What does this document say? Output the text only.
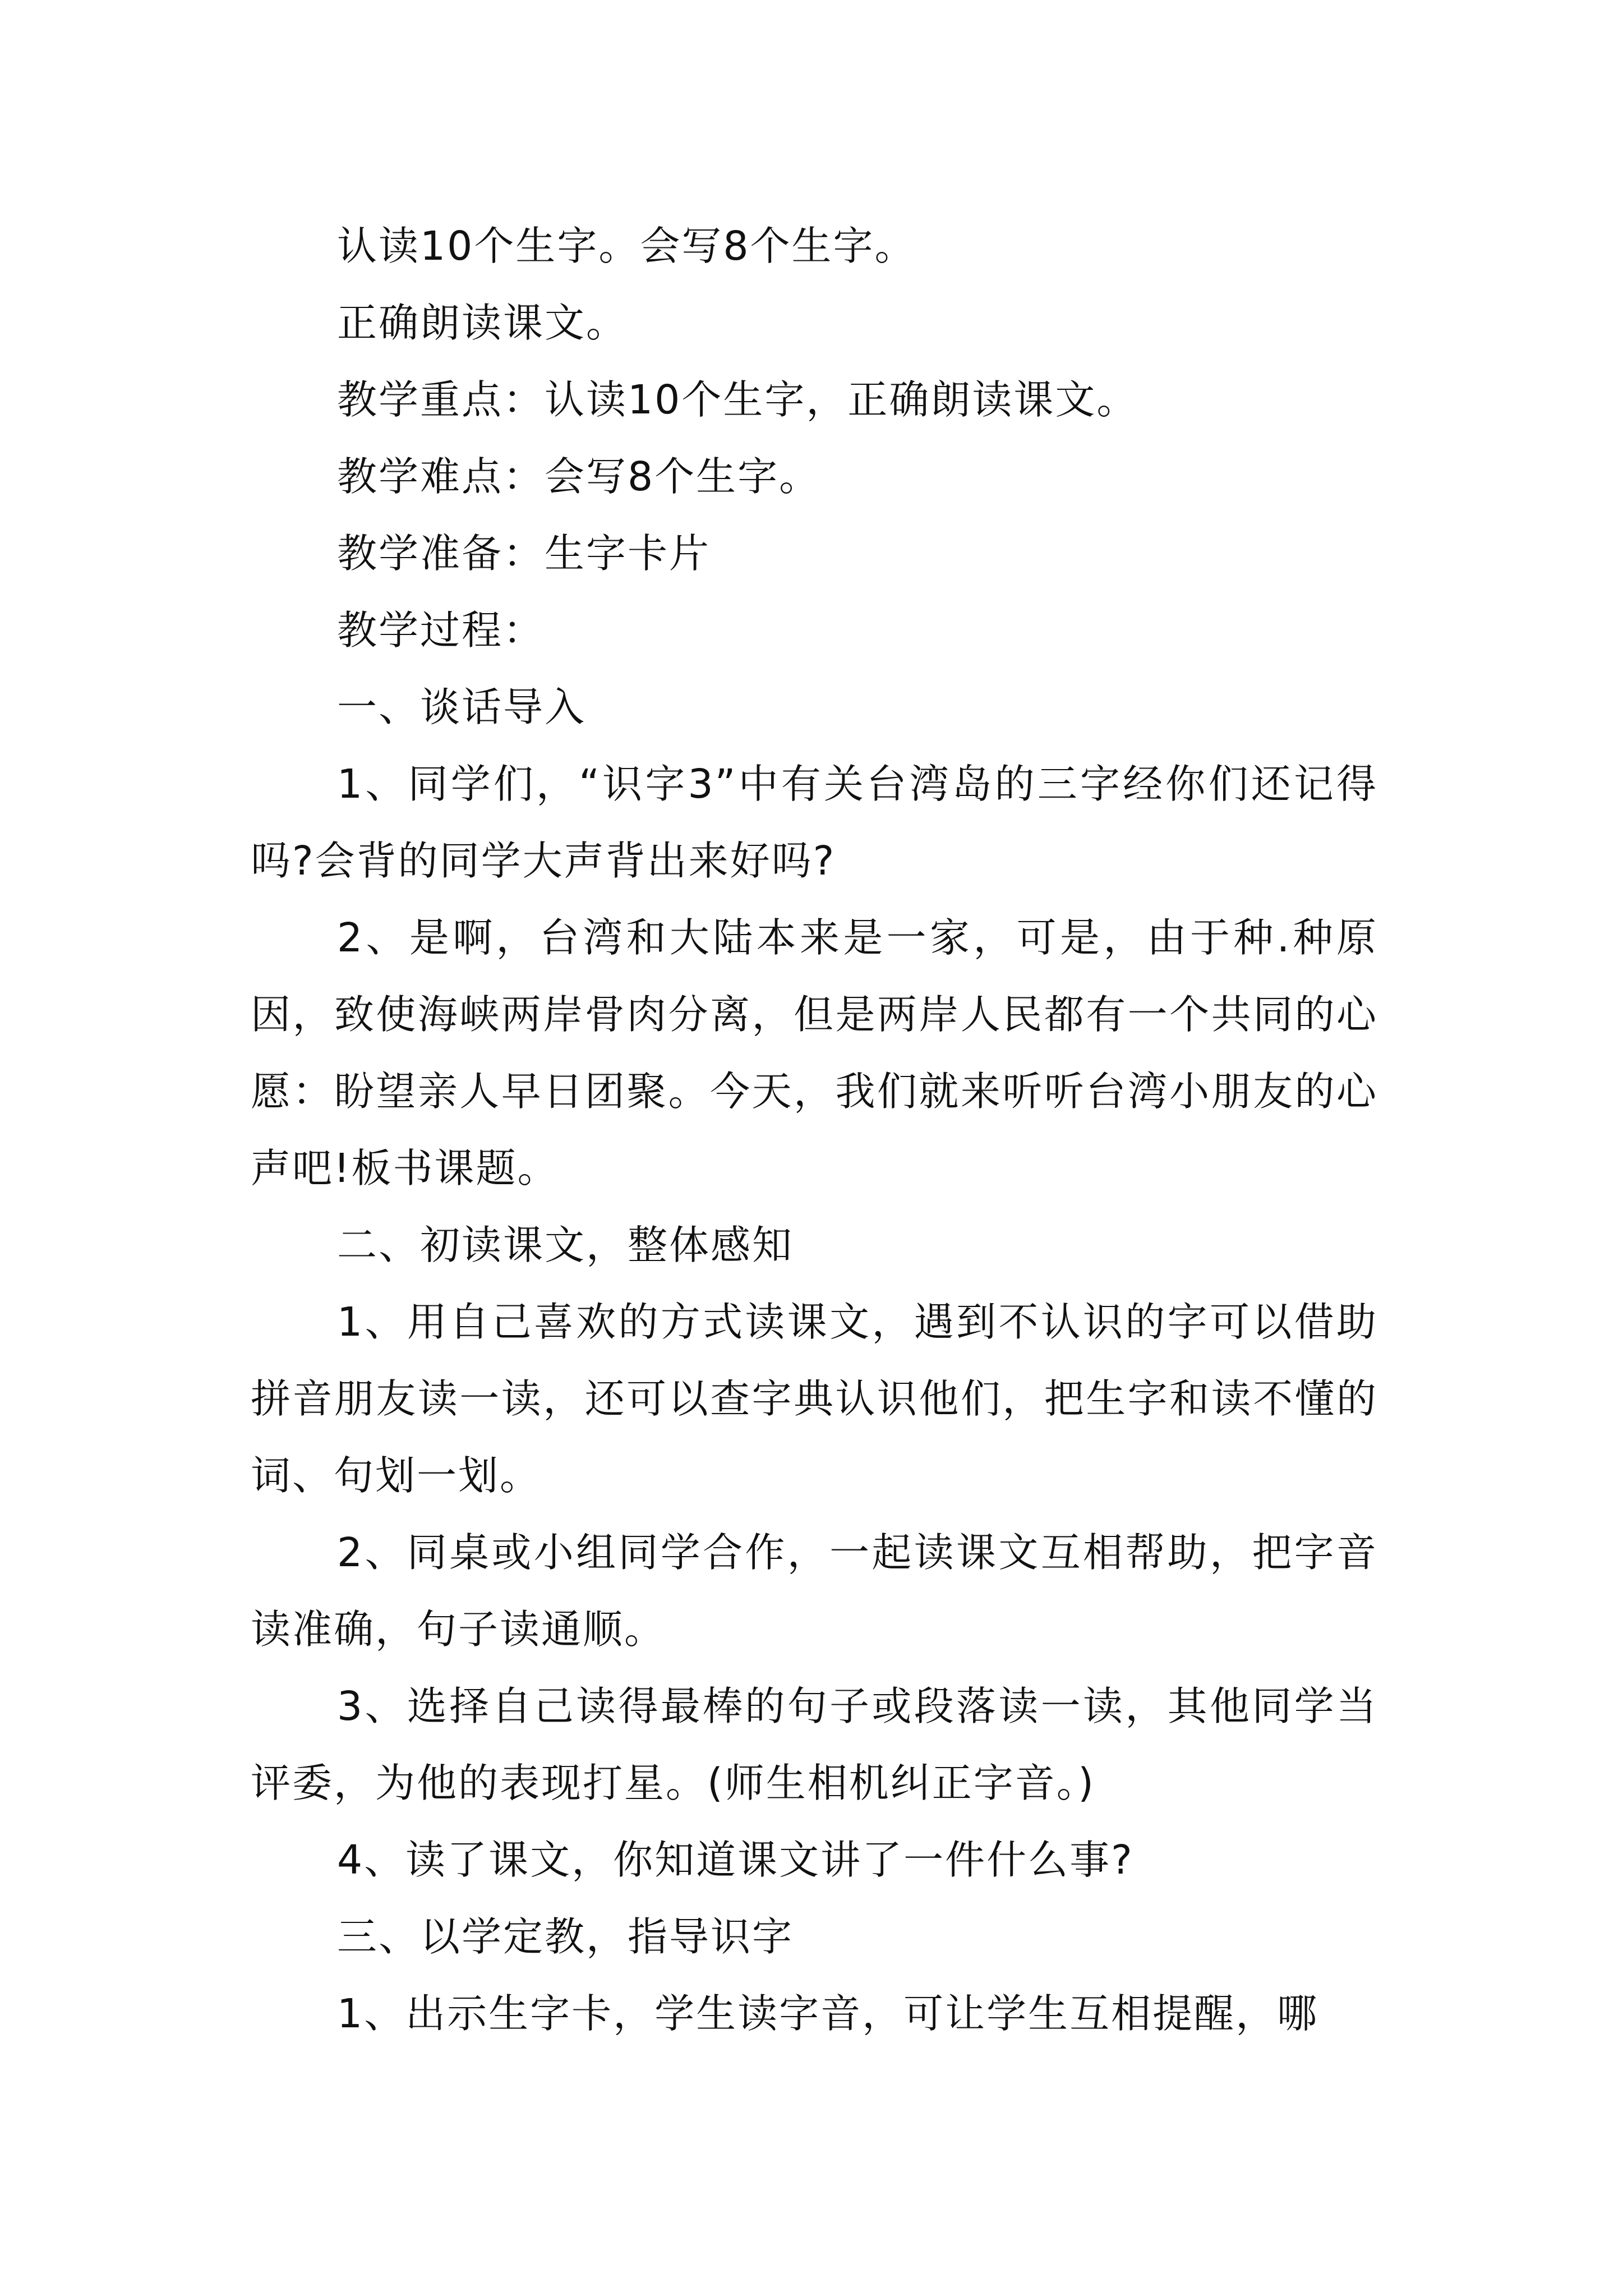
认读10个生字。会写8个生字。

正确朗读课文。

教学重点：认读10个生字，正确朗读课文。

教学难点：会写8个生字。

教学准备：生字卡片

教学过程：

一、谈话导入

1、同学们，“识字3”中有关台湾岛的三字经你们还记得吗?会背的同学大声背出来好吗?

2、是啊，台湾和大陆本来是一家，可是，由于种.种原因，致使海峡两岸骨肉分离，但是两岸人民都有一个共同的心愿：盼望亲人早日团聚。今天，我们就来听听台湾小朋友的心声吧!板书课题。

二、初读课文，整体感知

1、用自己喜欢的方式读课文，遇到不认识的字可以借助拼音朋友读一读，还可以查字典认识他们，把生字和读不懂的词、句划一划。

2、同桌或小组同学合作，一起读课文互相帮助，把字音读准确，句子读通顺。

3、选择自己读得最棒的句子或段落读一读，其他同学当评委，为他的表现打星。(师生相机纠正字音。)

4、读了课文，你知道课文讲了一件什么事?

三、以学定教，指导识字

1、出示生字卡，学生读字音，可让学生互相提醒，哪
